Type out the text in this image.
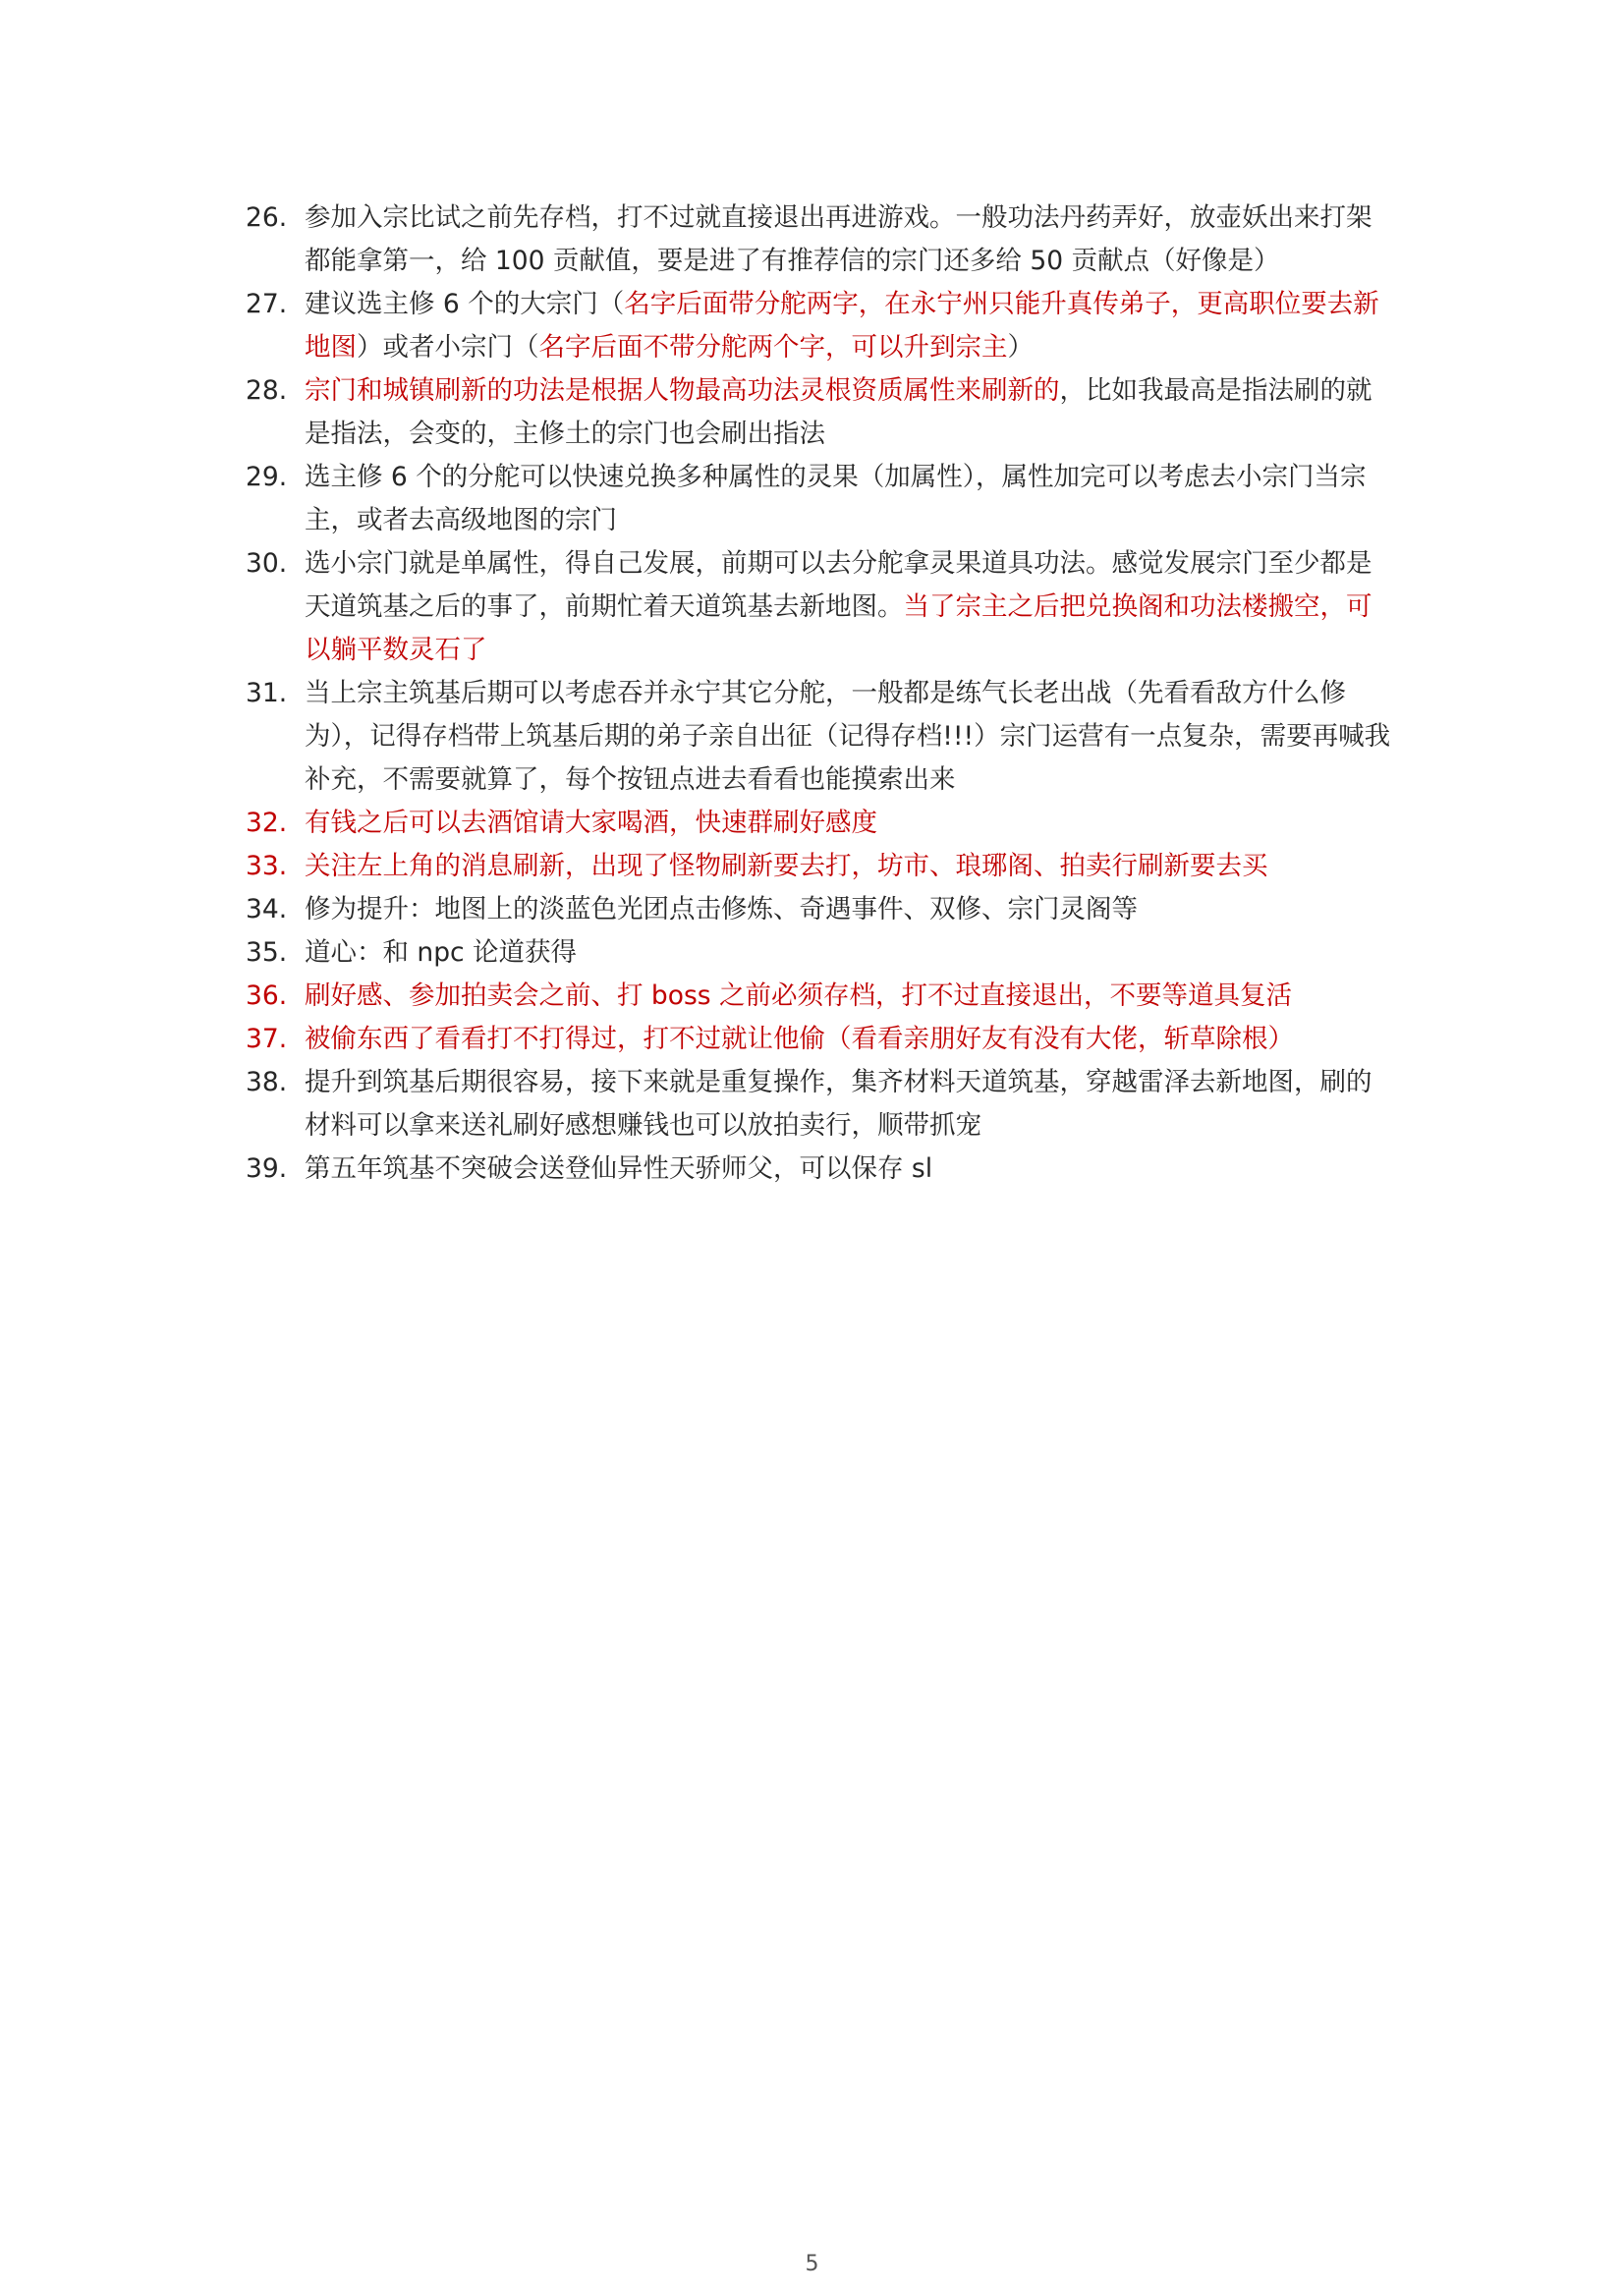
26. 参加入宗比试之前先存档，打不过就直接退出再进游戏。一般功法丹药弄好，放壶妖出来打架都能拿第一，给 100 贡献值，要是进了有推荐信的宗门还多给 50 贡献点（好像是）
27. 建议选主修 6 个的大宗门（名字后面带分舵两字，在永宁州只能升真传弟子，更高职位要去新地图）或者小宗门（名字后面不带分舵两个字，可以升到宗主）
28. 宗门和城镇刷新的功法是根据人物最高功法灵根资质属性来刷新的，比如我最高是指法刷的就是指法，会变的，主修土的宗门也会刷出指法
29. 选主修 6 个的分舵可以快速兑换多种属性的灵果（加属性），属性加完可以考虑去小宗门当宗主，或者去高级地图的宗门
30. 选小宗门就是单属性，得自己发展，前期可以去分舵拿灵果道具功法。感觉发展宗门至少都是天道筑基之后的事了，前期忙着天道筑基去新地图。当了宗主之后把兑换阁和功法楼搬空，可以躺平数灵石了
31. 当上宗主筑基后期可以考虑吞并永宁其它分舵，一般都是练气长老出战（先看看敌方什么修为），记得存档带上筑基后期的弟子亲自出征（记得存档!!!）宗门运营有一点复杂，需要再喊我补充，不需要就算了，每个按钮点进去看看也能摸索出来
32. 有钱之后可以去酒馆请大家喝酒，快速群刷好感度
33. 关注左上角的消息刷新，出现了怪物刷新要去打，坊市、琅琊阁、拍卖行刷新要去买
34. 修为提升：地图上的淡蓝色光团点击修炼、奇遇事件、双修、宗门灵阁等
35. 道心：和 npc 论道获得
36. 刷好感、参加拍卖会之前、打 boss 之前必须存档，打不过直接退出，不要等道具复活
37. 被偷东西了看看打不打得过，打不过就让他偷（看看亲朋好友有没有大佬，斩草除根）
38. 提升到筑基后期很容易，接下来就是重复操作，集齐材料天道筑基，穿越雷泽去新地图，刷的材料可以拿来送礼刷好感想赚钱也可以放拍卖行，顺带抓宠
39. 第五年筑基不突破会送登仙异性天骄师父，可以保存 sl
5
